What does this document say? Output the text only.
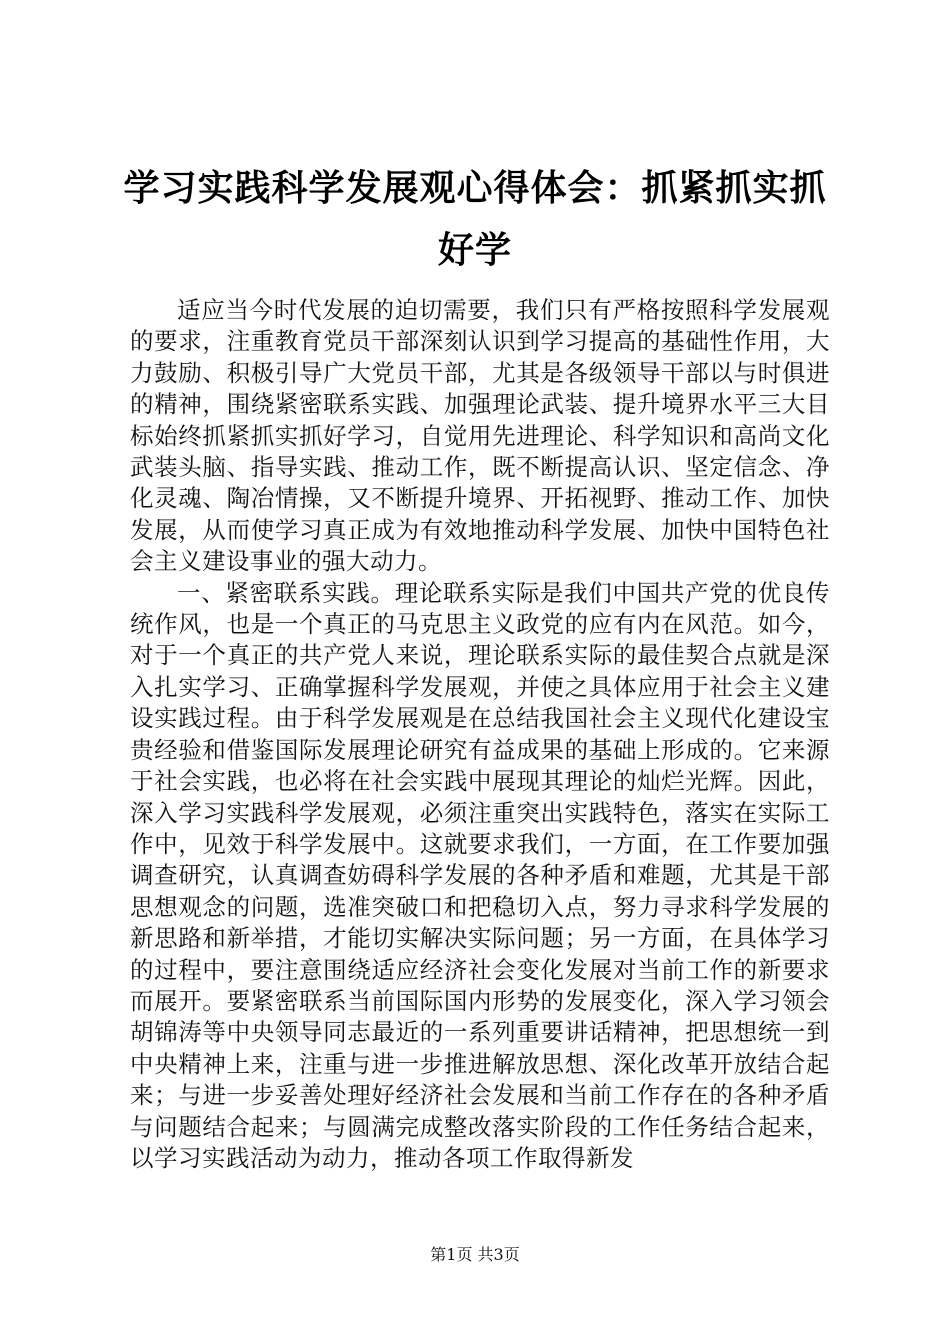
学习实践科学发展观心得体会：抓紧抓实抓好学

适应当今时代发展的迫切需要，我们只有严格按照科学发展观的要求，注重教育党员干部深刻认识到学习提高的基础性作用，大力鼓励、积极引导广大党员干部，尤其是各级领导干部以与时俱进的精神，围绕紧密联系实践、加强理论武装、提升境界水平三大目标始终抓紧抓实抓好学习，自觉用先进理论、科学知识和高尚文化武装头脑、指导实践、推动工作，既不断提高认识、坚定信念、净化灵魂、陶冶情操，又不断提升境界、开拓视野、推动工作、加快发展，从而使学习真正成为有效地推动科学发展、加快中国特色社会主义建设事业的强大动力。

一、紧密联系实践。理论联系实际是我们中国共产党的优良传统作风，也是一个真正的马克思主义政党的应有内在风范。如今，对于一个真正的共产党人来说，理论联系实际的最佳契合点就是深入扎实学习、正确掌握科学发展观，并使之具体应用于社会主义建设实践过程。由于科学发展观是在总结我国社会主义现代化建设宝贵经验和借鉴国际发展理论研究有益成果的基础上形成的。它来源于社会实践，也必将在社会实践中展现其理论的灿烂光辉。因此，深入学习实践科学发展观，必须注重突出实践特色，落实在实际工作中，见效于科学发展中。这就要求我们，一方面，在工作要加强调查研究，认真调查妨碍科学发展的各种矛盾和难题，尤其是干部思想观念的问题，选准突破口和把稳切入点，努力寻求科学发展的新思路和新举措，才能切实解决实际问题；另一方面，在具体学习的过程中，要注意围绕适应经济社会变化发展对当前工作的新要求而展开。要紧密联系当前国际国内形势的发展变化，深入学习领会胡锦涛等中央领导同志最近的一系列重要讲话精神，把思想统一到中央精神上来，注重与进一步推进解放思想、深化改革开放结合起来；与进一步妥善处理好经济社会发展和当前工作存在的各种矛盾与问题结合起来；与圆满完成整改落实阶段的工作任务结合起来，以学习实践活动为动力，推动各项工作取得新发

第1页 共3页
